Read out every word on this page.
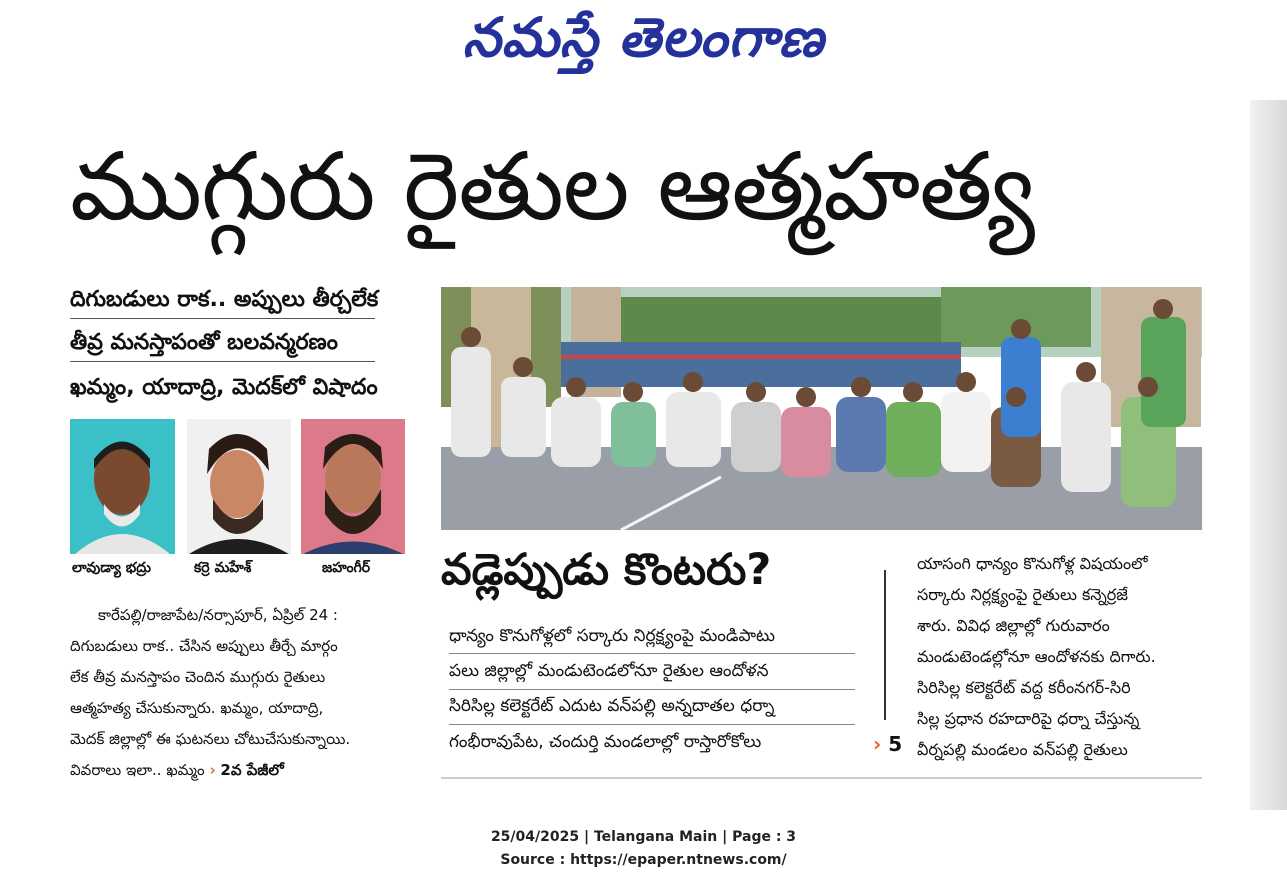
నమస్తే తెలంగాణ
ముగ్గురు రైతుల ఆత్మహత్య
దిగుబడులు రాక.. అప్పులు తీర్చలేక
తీవ్ర మనస్తాపంతో బలవన్మరణం
ఖమ్మం, యాదాద్రి, మెదక్‌లో విషాదం
లావుడ్యా భద్రు	కర్రె మహేశ్	జహంగీర్

కారేపల్లి/రాజాపేట/నర్సాపూర్, ఏప్రిల్ 24 :

దిగుబడులు రాక.. చేసిన అప్పులు తీర్చే మార్గం

లేక తీవ్ర మనస్తాపం చెందిన ముగ్గురు రైతులు

ఆత్మహత్య చేసుకున్నారు. ఖమ్మం, యాదాద్రి,

మెదక్ జిల్లాల్లో ఈ ఘటనలు చోటుచేసుకున్నాయి.

వివరాలు ఇలా.. ఖమ్మం › 2వ పేజీలో

వడ్లెప్పుడు కొంటరు?
ధాన్యం కొనుగోళ్లలో సర్కారు నిర్లక్ష్యంపై మండిపాటు
పలు జిల్లాల్లో మండుటెండలోనూ రైతుల ఆందోళన
సిరిసిల్ల కలెక్టరేట్ ఎదుట వన్‌పల్లి అన్నదాతల ధర్నా
గంభీరావుపేట, చందుర్తి మండలాల్లో రాస్తారోకోలు	› 5

యాసంగి ధాన్యం కొనుగోళ్ల విషయంలో

సర్కారు నిర్లక్ష్యంపై రైతులు కన్నెర్రజే

శారు. వివిధ జిల్లాల్లో గురువారం

మండుటెండల్లోనూ ఆందోళనకు దిగారు.

సిరిసిల్ల కలెక్టరేట్ వద్ద కరీంనగర్-సిరి

సిల్ల ప్రధాన రహదారిపై ధర్నా చేస్తున్న

వీర్నపల్లి మండలం వన్‌పల్లి రైతులు

25/04/2025 | Telangana Main | Page : 3
Source : https://epaper.ntnews.com/
